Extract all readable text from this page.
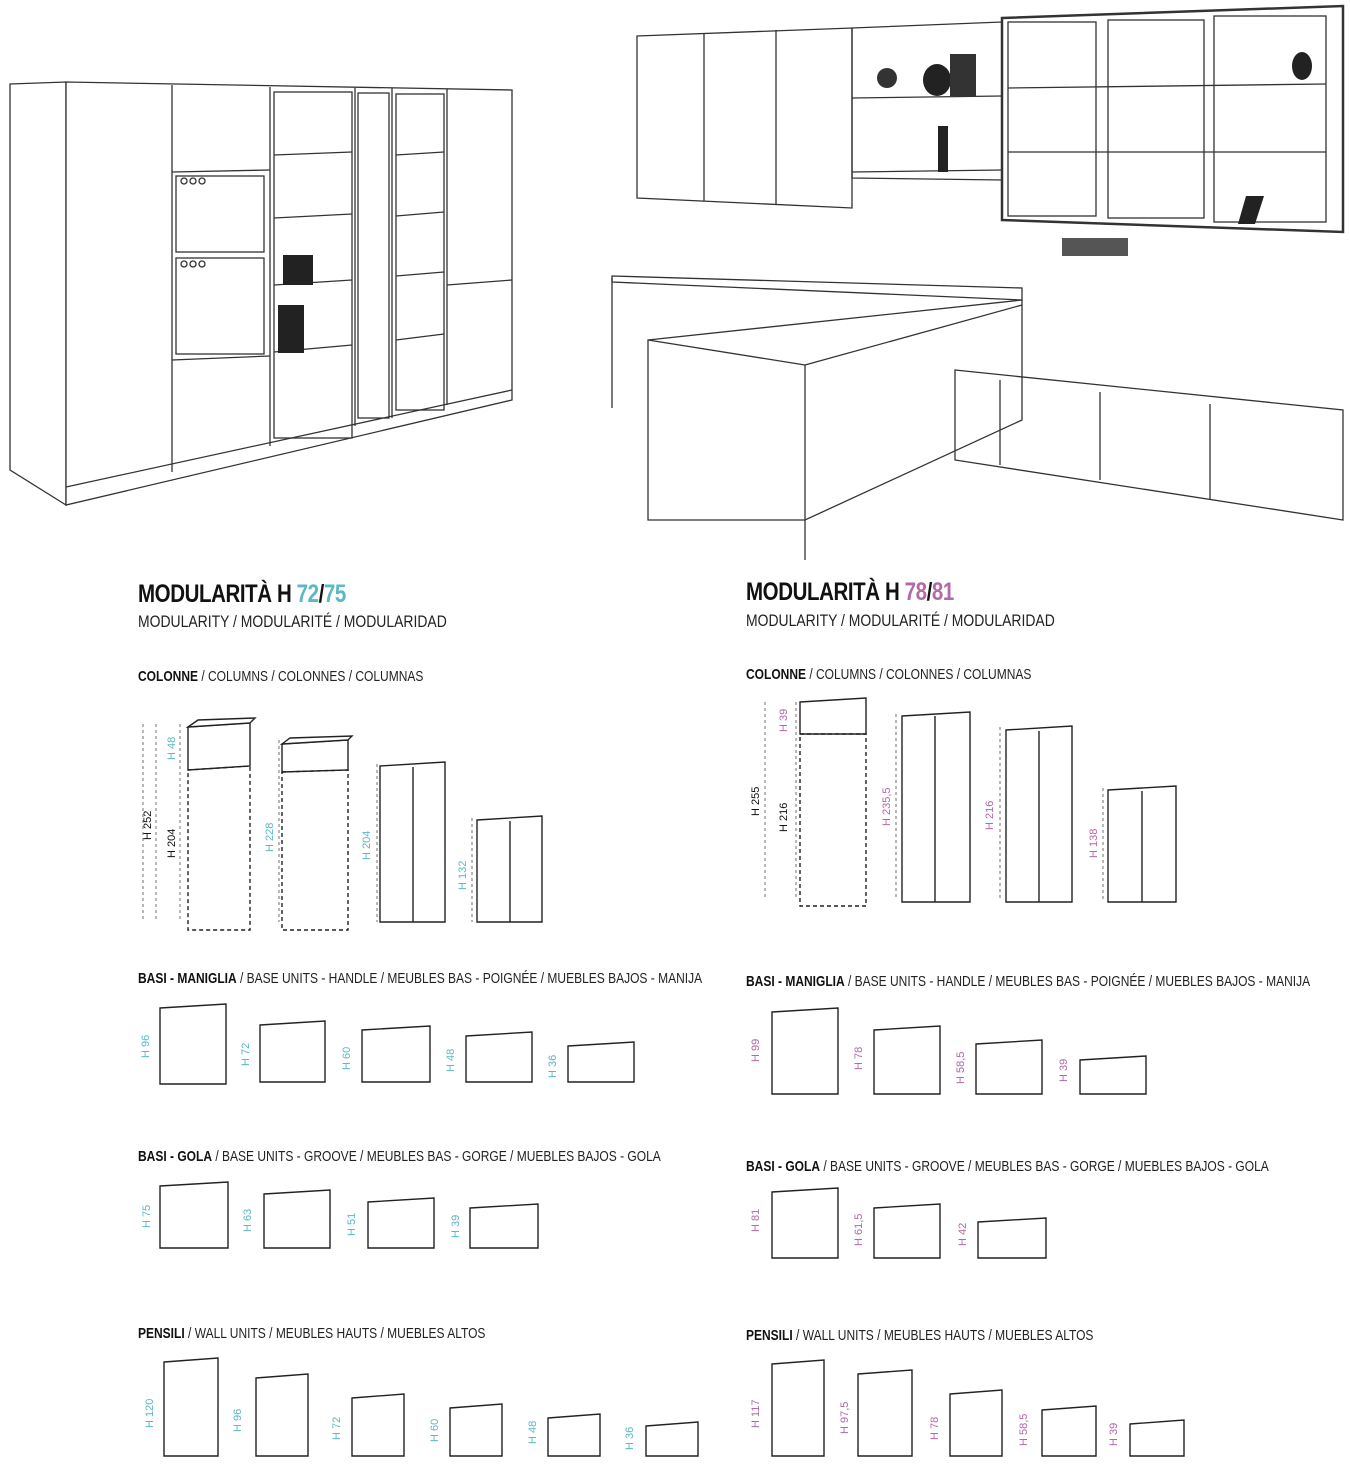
MODULARITÀ H 72/75
MODULARITY / MODULARITÉ / MODULARIDAD
COLONNE / COLUMNS / COLONNES / COLUMNAS
BASI - MANIGLIA / BASE UNITS - HANDLE / MEUBLES BAS - POIGNÉE / MUEBLES BAJOS - MANIJA
BASI - GOLA / BASE UNITS - GROOVE / MEUBLES BAS - GORGE / MUEBLES BAJOS - GOLA
PENSILI / WALL UNITS / MEUBLES HAUTS / MUEBLES ALTOS
MODULARITÀ H 78/81
MODULARITY / MODULARITÉ / MODULARIDAD
COLONNE / COLUMNS / COLONNES / COLUMNAS
BASI - MANIGLIA / BASE UNITS - HANDLE / MEUBLES BAS - POIGNÉE / MUEBLES BAJOS - MANIJA
BASI - GOLA / BASE UNITS - GROOVE / MEUBLES BAS - GORGE / MUEBLES BAJOS - GOLA
PENSILI / WALL UNITS / MEUBLES HAUTS / MUEBLES ALTOS
H 252
H 48
H 204	H 228	H 204
H 132
H 96	H 72	H 60	H 48	H 36
H 75	H 63	H 51	H 39
H 120	H 96	H 72	H 60	H 48	H 36
H 255
H 39
H 216	H 235,5	H 216
H 138
H 99	H 78	H 58,5	H 39
H 81	H 61,5	H 42
H 117	H 97,5	H 78	H 58,5	H 39
